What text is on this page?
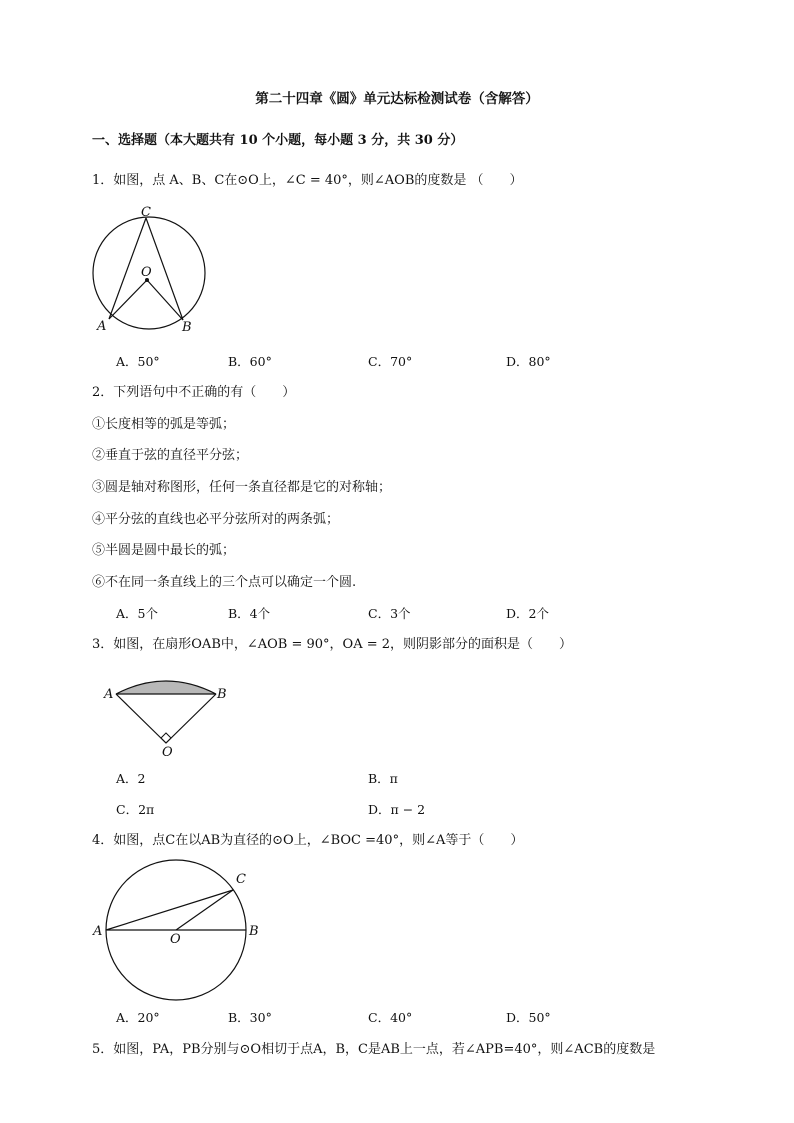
第二十四章《圆》单元达标检测试卷（含解答）
一、选择题（本大题共有 10 个小题，每小题 3 分，共 30 分）
1．如图，点 A、B、C在⊙O上，∠C = 40°，则∠AOB的度数是 （　　）
C
O
A	B
A．50°	B．60°	C．70°	D．80°
2．下列语句中不正确的有（　　）
①长度相等的弧是等弧；
②垂直于弦的直径平分弦；
③圆是轴对称图形，任何一条直径都是它的对称轴；
④平分弦的直线也必平分弦所对的两条弧；
⑤半圆是圆中最长的弧；
⑥不在同一条直线上的三个点可以确定一个圆.
A．5个	B．4个	C．3个	D．2个
3．如图，在扇形OAB中，∠AOB = 90°，OA = 2，则阴影部分的面积是（　　）
A	B
O
A．2	B．π
C．2π	D．π − 2
4．如图，点C在以AB为直径的⊙O上，∠BOC =40°，则∠A等于（　　）
C
A
O
B
A．20°	B．30°	C．40°	D．50°
5．如图，PA，PB分别与⊙O相切于点A，B，C是AB上一点，若∠APB=40°，则∠ACB的度数是
